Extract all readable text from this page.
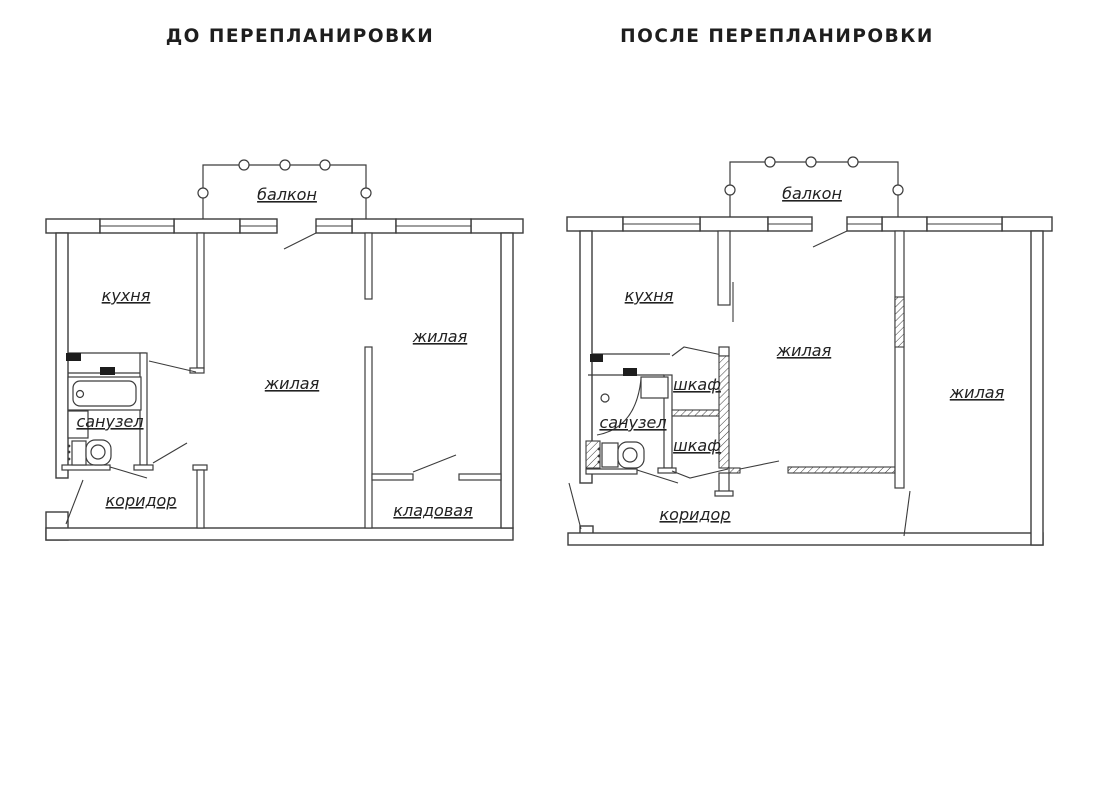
ДО ПЕРЕПЛАНИРОВКИ	ПОСЛЕ ПЕРЕПЛАНИРОВКИ
балкон
кухня
жилая
жилая
санузел
коридор
кладовая
балкон
кухня
жилая
жилая
санузел
шкаф
шкаф
коридор
